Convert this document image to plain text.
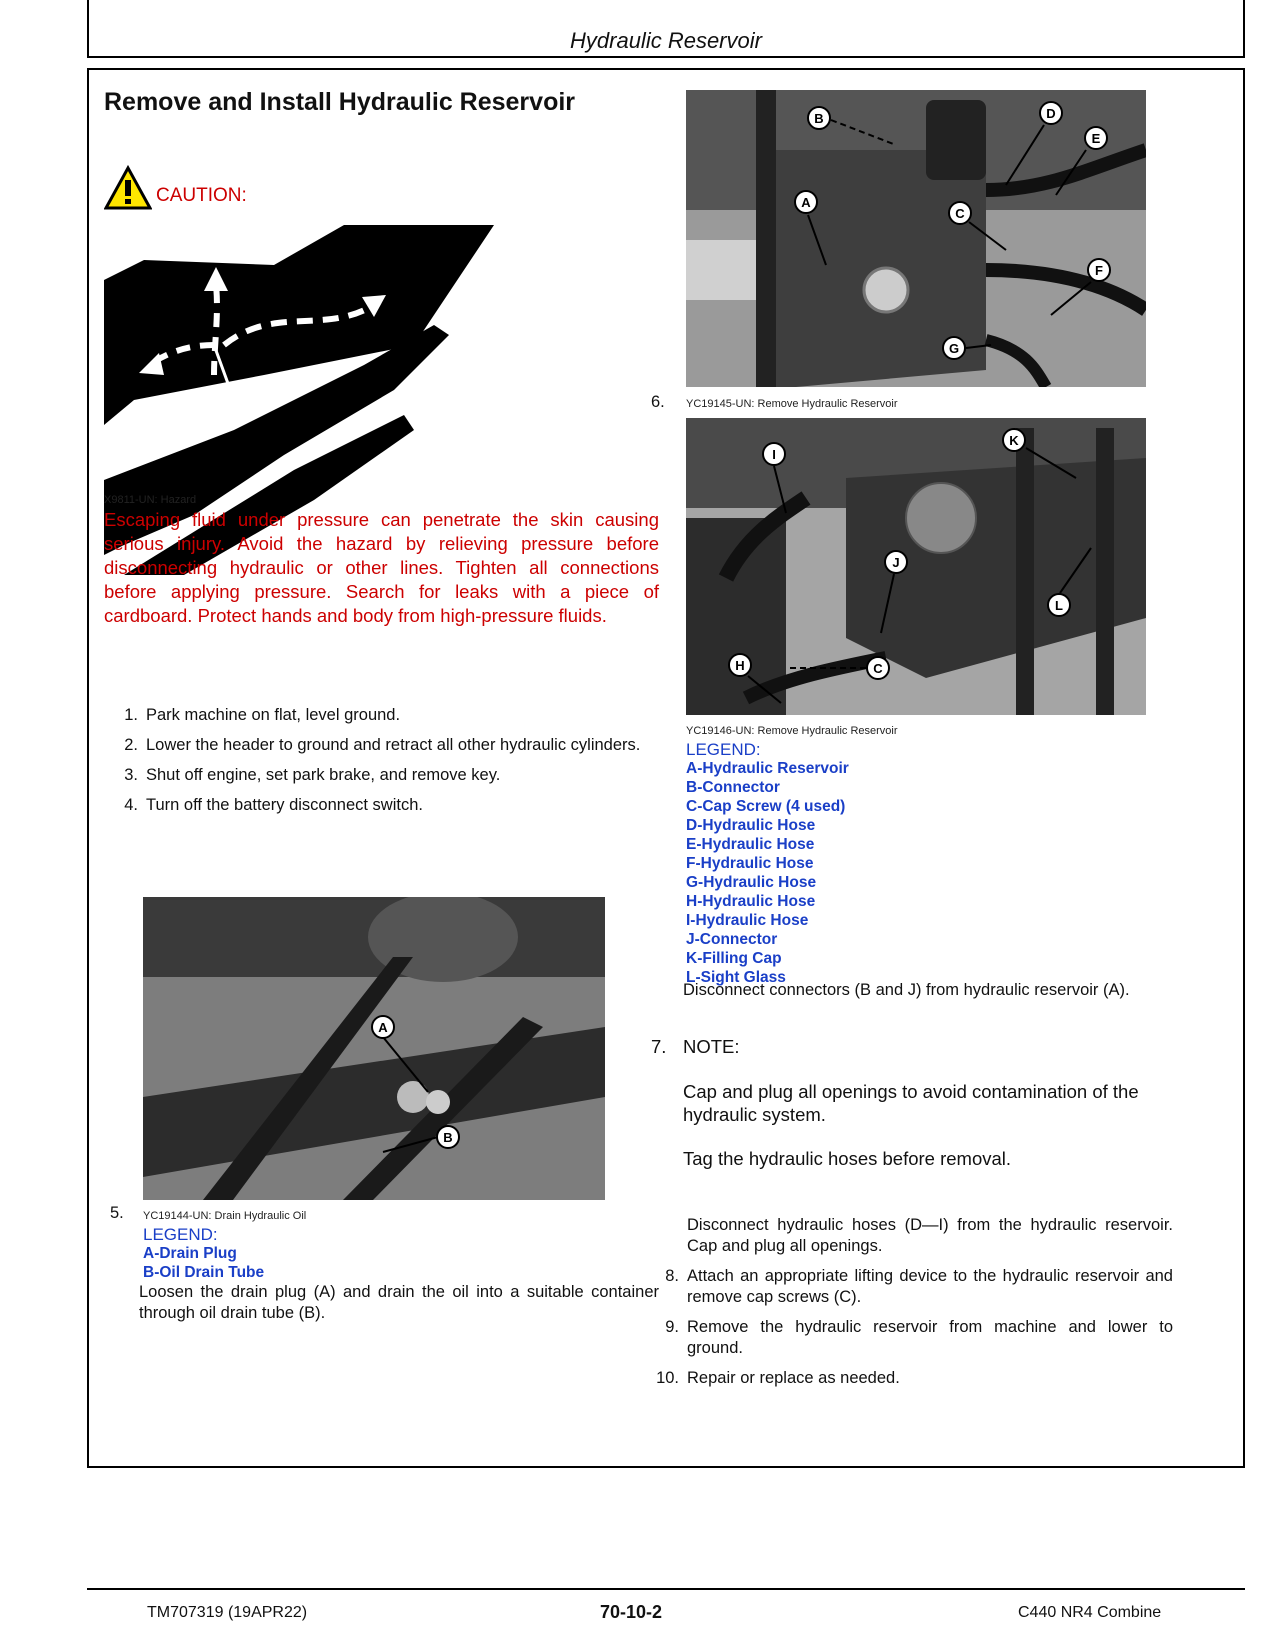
Hydraulic Reservoir
Remove and Install Hydraulic Reservoir
CAUTION:
X9811-UN: Hazard
Escaping fluid under pressure can penetrate the skin causing serious injury. Avoid the hazard by relieving pressure before disconnecting hydraulic or other lines. Tighten all connections before applying pressure. Search for leaks with a piece of cardboard. Protect hands and body from high-pressure fluids.
1. Park machine on flat, level ground.
2. Lower the header to ground and retract all other hydraulic cylinders.
3. Shut off engine, set park brake, and remove key.
4. Turn off the battery disconnect switch.
A
B
5. YC19144-UN: Drain Hydraulic Oil
LEGEND:
A-Drain Plug
B-Oil Drain Tube
Loosen the drain plug (A) and drain the oil into a suitable container through oil drain tube (B).
B	D
E
A
C
F
G
6. YC19145-UN: Remove Hydraulic Reservoir
I
K
J
L
H	C
YC19146-UN: Remove Hydraulic Reservoir
LEGEND:
A-Hydraulic Reservoir
B-Connector
C-Cap Screw (4 used)
D-Hydraulic Hose
E-Hydraulic Hose
F-Hydraulic Hose
G-Hydraulic Hose
H-Hydraulic Hose
I-Hydraulic Hose
J-Connector
K-Filling Cap
L-Sight Glass
Disconnect connectors (B and J) from hydraulic reservoir (A).
7. NOTE:
Cap and plug all openings to avoid contamination of the hydraulic system.
Tag the hydraulic hoses before removal.
Disconnect hydraulic hoses (D—I) from the hydraulic reservoir. Cap and plug all openings.
8. Attach an appropriate lifting device to the hydraulic reservoir and remove cap screws (C).
9. Remove the hydraulic reservoir from machine and lower to ground.
10. Repair or replace as needed.
TM707319 (19APR22)	70-10-2	C440 NR4 Combine
